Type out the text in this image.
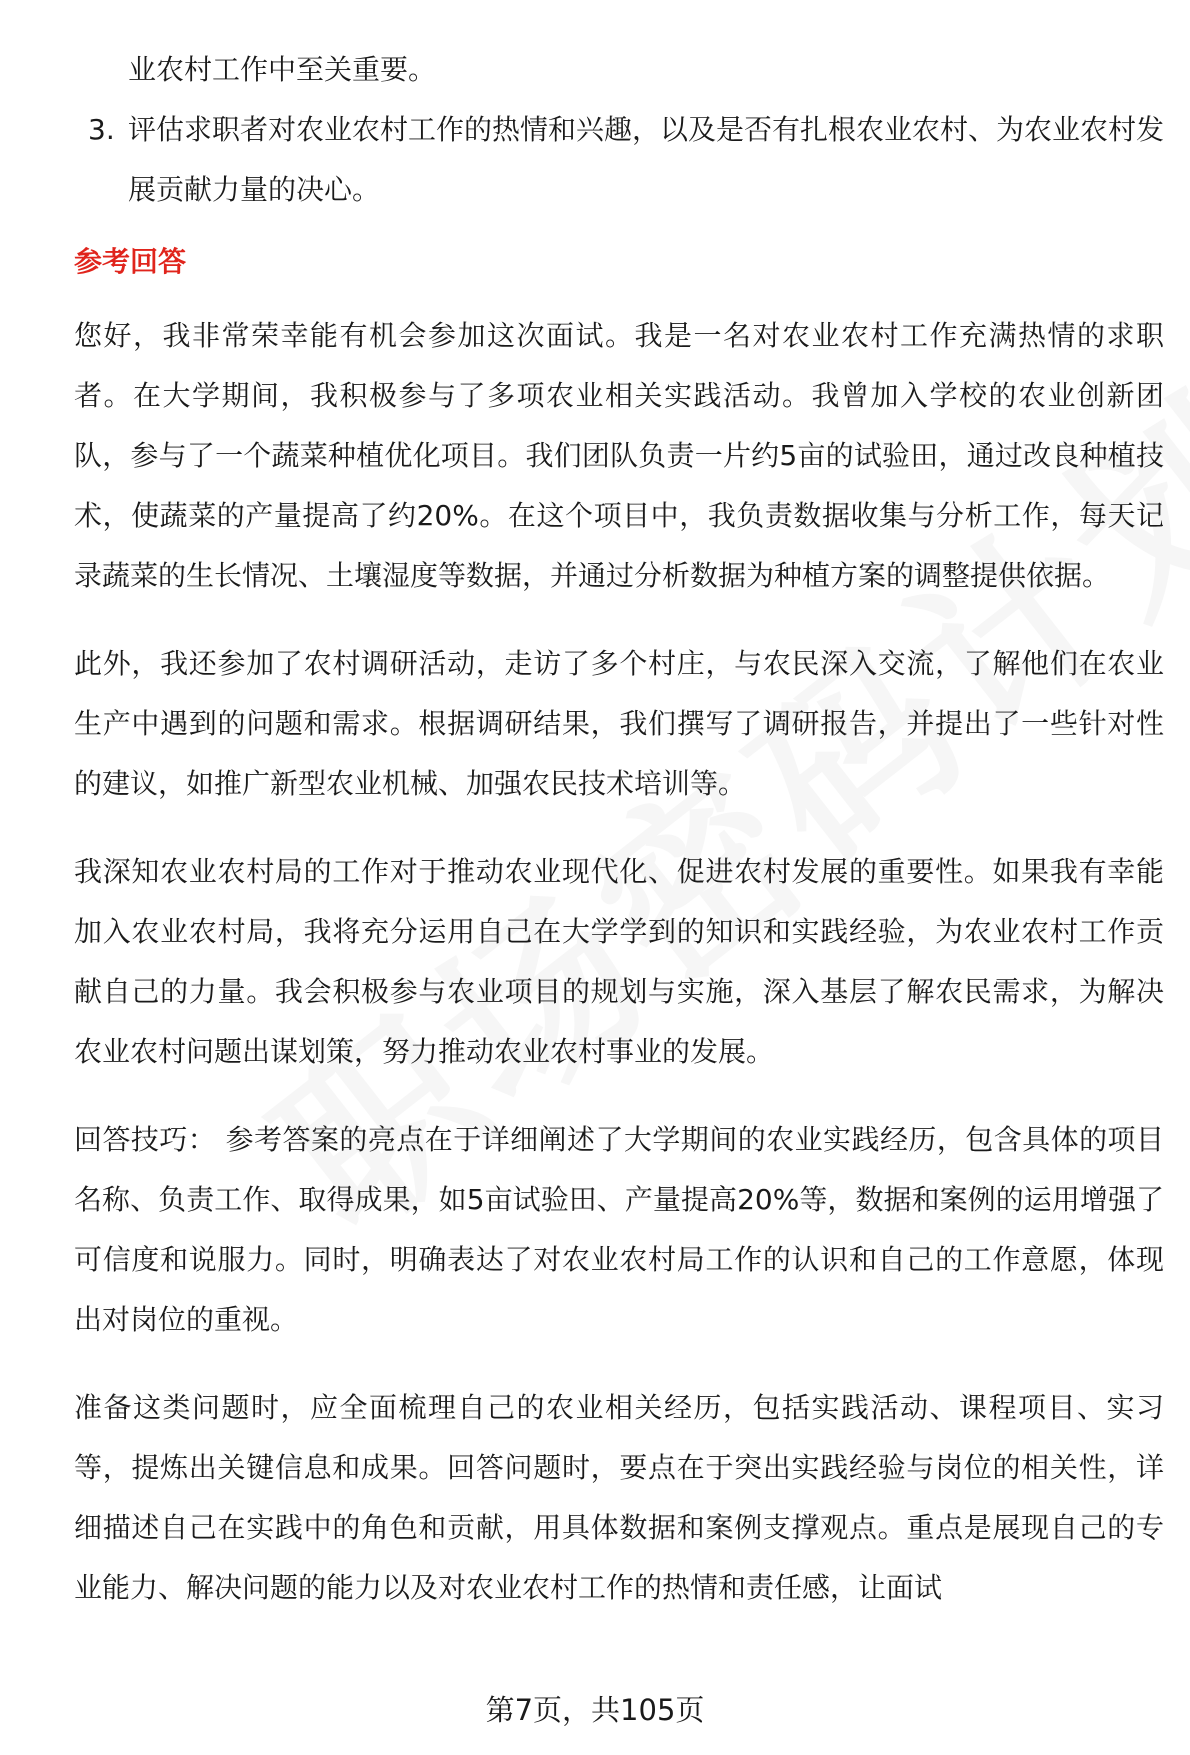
业农村工作中至关重要。

3. 评估求职者对农业农村工作的热情和兴趣，以及是否有扎根农业农村、为农业农村发展贡献力量的决心。
参考回答

您好，我非常荣幸能有机会参加这次面试。我是一名对农业农村工作充满热情的求职者。在大学期间，我积极参与了多项农业相关实践活动。我曾加入学校的农业创新团队，参与了一个蔬菜种植优化项目。我们团队负责一片约5亩的试验田，通过改良种植技术，使蔬菜的产量提高了约20%。在这个项目中，我负责数据收集与分析工作，每天记录蔬菜的生长情况、土壤湿度等数据，并通过分析数据为种植方案的调整提供依据。

此外，我还参加了农村调研活动，走访了多个村庄，与农民深入交流，了解他们在农业生产中遇到的问题和需求。根据调研结果，我们撰写了调研报告，并提出了一些针对性的建议，如推广新型农业机械、加强农民技术培训等。

我深知农业农村局的工作对于推动农业现代化、促进农村发展的重要性。如果我有幸能加入农业农村局，我将充分运用自己在大学学到的知识和实践经验，为农业农村工作贡献自己的力量。我会积极参与农业项目的规划与实施，深入基层了解农民需求，为解决农业农村问题出谋划策，努力推动农业农村事业的发展。

回答技巧： 参考答案的亮点在于详细阐述了大学期间的农业实践经历，包含具体的项目名称、负责工作、取得成果，如5亩试验田、产量提高20%等，数据和案例的运用增强了可信度和说服力。同时，明确表达了对农业农村局工作的认识和自己的工作意愿，体现出对岗位的重视。

准备这类问题时，应全面梳理自己的农业相关经历，包括实践活动、课程项目、实习等，提炼出关键信息和成果。回答问题时，要点在于突出实践经验与岗位的相关性，详细描述自己在实践中的角色和贡献，用具体数据和案例支撑观点。重点是展现自己的专业能力、解决问题的能力以及对农业农村工作的热情和责任感，让面试

第7页，共105页
